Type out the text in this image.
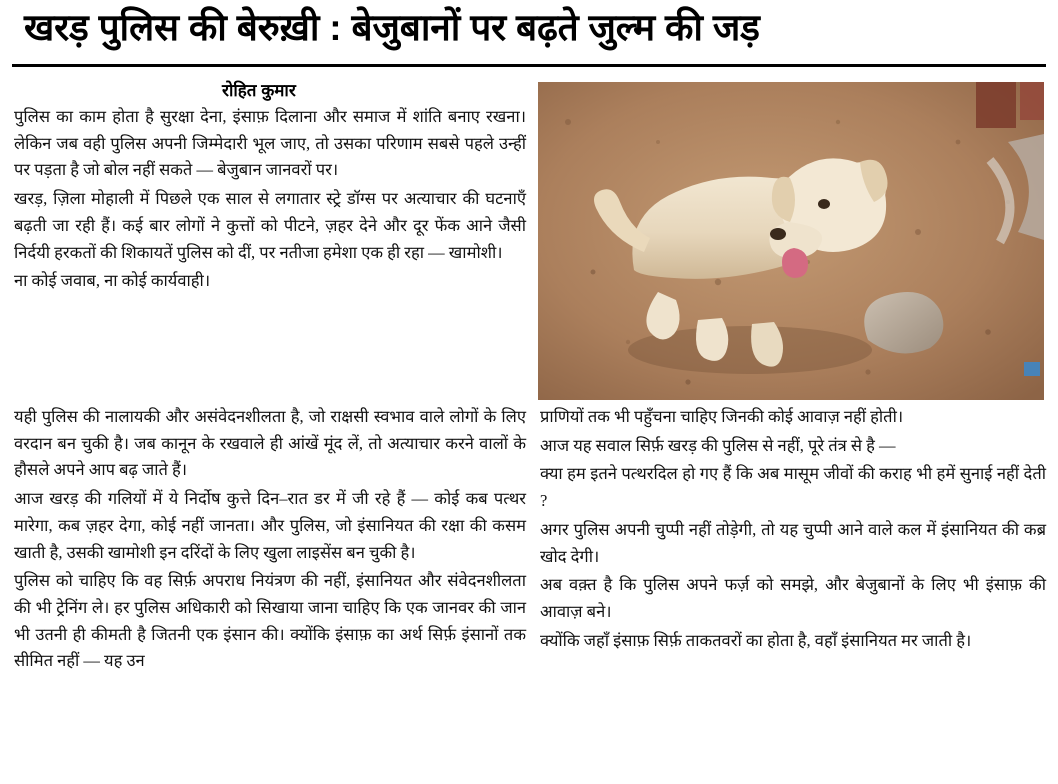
खरड़ पुलिस की बेरुख़ी : बेजुबानों पर बढ़ते जुल्म की जड़
रोहित कुमार

पुलिस का काम होता है सुरक्षा देना, इंसाफ़ दिलाना और समाज में शांति बनाए रखना। लेकिन जब वही पुलिस अपनी जिम्मेदारी भूल जाए, तो उसका परिणाम सबसे पहले उन्हीं पर पड़ता है जो बोल नहीं सकते — बेजुबान जानवरों पर।

खरड़, ज़िला मोहाली में पिछले एक साल से लगातार स्ट्रे डॉग्स पर अत्याचार की घटनाएँ बढ़ती जा रही हैं। कई बार लोगों ने कुत्तों को पीटने, ज़हर देने और दूर फेंक आने जैसी निर्दयी हरकतों की शिकायतें पुलिस को दीं, पर नतीजा हमेशा एक ही रहा — खामोशी।

ना कोई जवाब, ना कोई कार्यवाही।

यही पुलिस की नालायकी और असंवेदनशीलता है, जो राक्षसी स्वभाव वाले लोगों के लिए वरदान बन चुकी है। जब कानून के रखवाले ही आंखें मूंद लें, तो अत्याचार करने वालों के हौसले अपने आप बढ़ जाते हैं।

आज खरड़ की गलियों में ये निर्दोष कुत्ते दिन–रात डर में जी रहे हैं — कोई कब पत्थर मारेगा, कब ज़हर देगा, कोई नहीं जानता। और पुलिस, जो इंसानियत की रक्षा की कसम खाती है, उसकी खामोशी इन दरिंदों के लिए खुला लाइसेंस बन चुकी है।

पुलिस को चाहिए कि वह सिर्फ़ अपराध नियंत्रण की नहीं, इंसानियत और संवेदनशीलता की भी ट्रेनिंग ले। हर पुलिस अधिकारी को सिखाया जाना चाहिए कि एक जानवर की जान भी उतनी ही कीमती है जितनी एक इंसान की। क्योंकि इंसाफ़ का अर्थ सिर्फ़ इंसानों तक सीमित नहीं — यह उन

प्राणियों तक भी पहुँचना चाहिए जिनकी कोई आवाज़ नहीं होती।

आज यह सवाल सिर्फ़ खरड़ की पुलिस से नहीं, पूरे तंत्र से है —

क्या हम इतने पत्थरदिल हो गए हैं कि अब मासूम जीवों की कराह भी हमें सुनाई नहीं देती ?

अगर पुलिस अपनी चुप्पी नहीं तोड़ेगी, तो यह चुप्पी आने वाले कल में इंसानियत की कब्र खोद देगी।

अब वक़्त है कि पुलिस अपने फर्ज़ को समझे, और बेजुबानों के लिए भी इंसाफ़ की आवाज़ बने।

क्योंकि जहाँ इंसाफ़ सिर्फ़ ताकतवरों का होता है, वहाँ इंसानियत मर जाती है।
